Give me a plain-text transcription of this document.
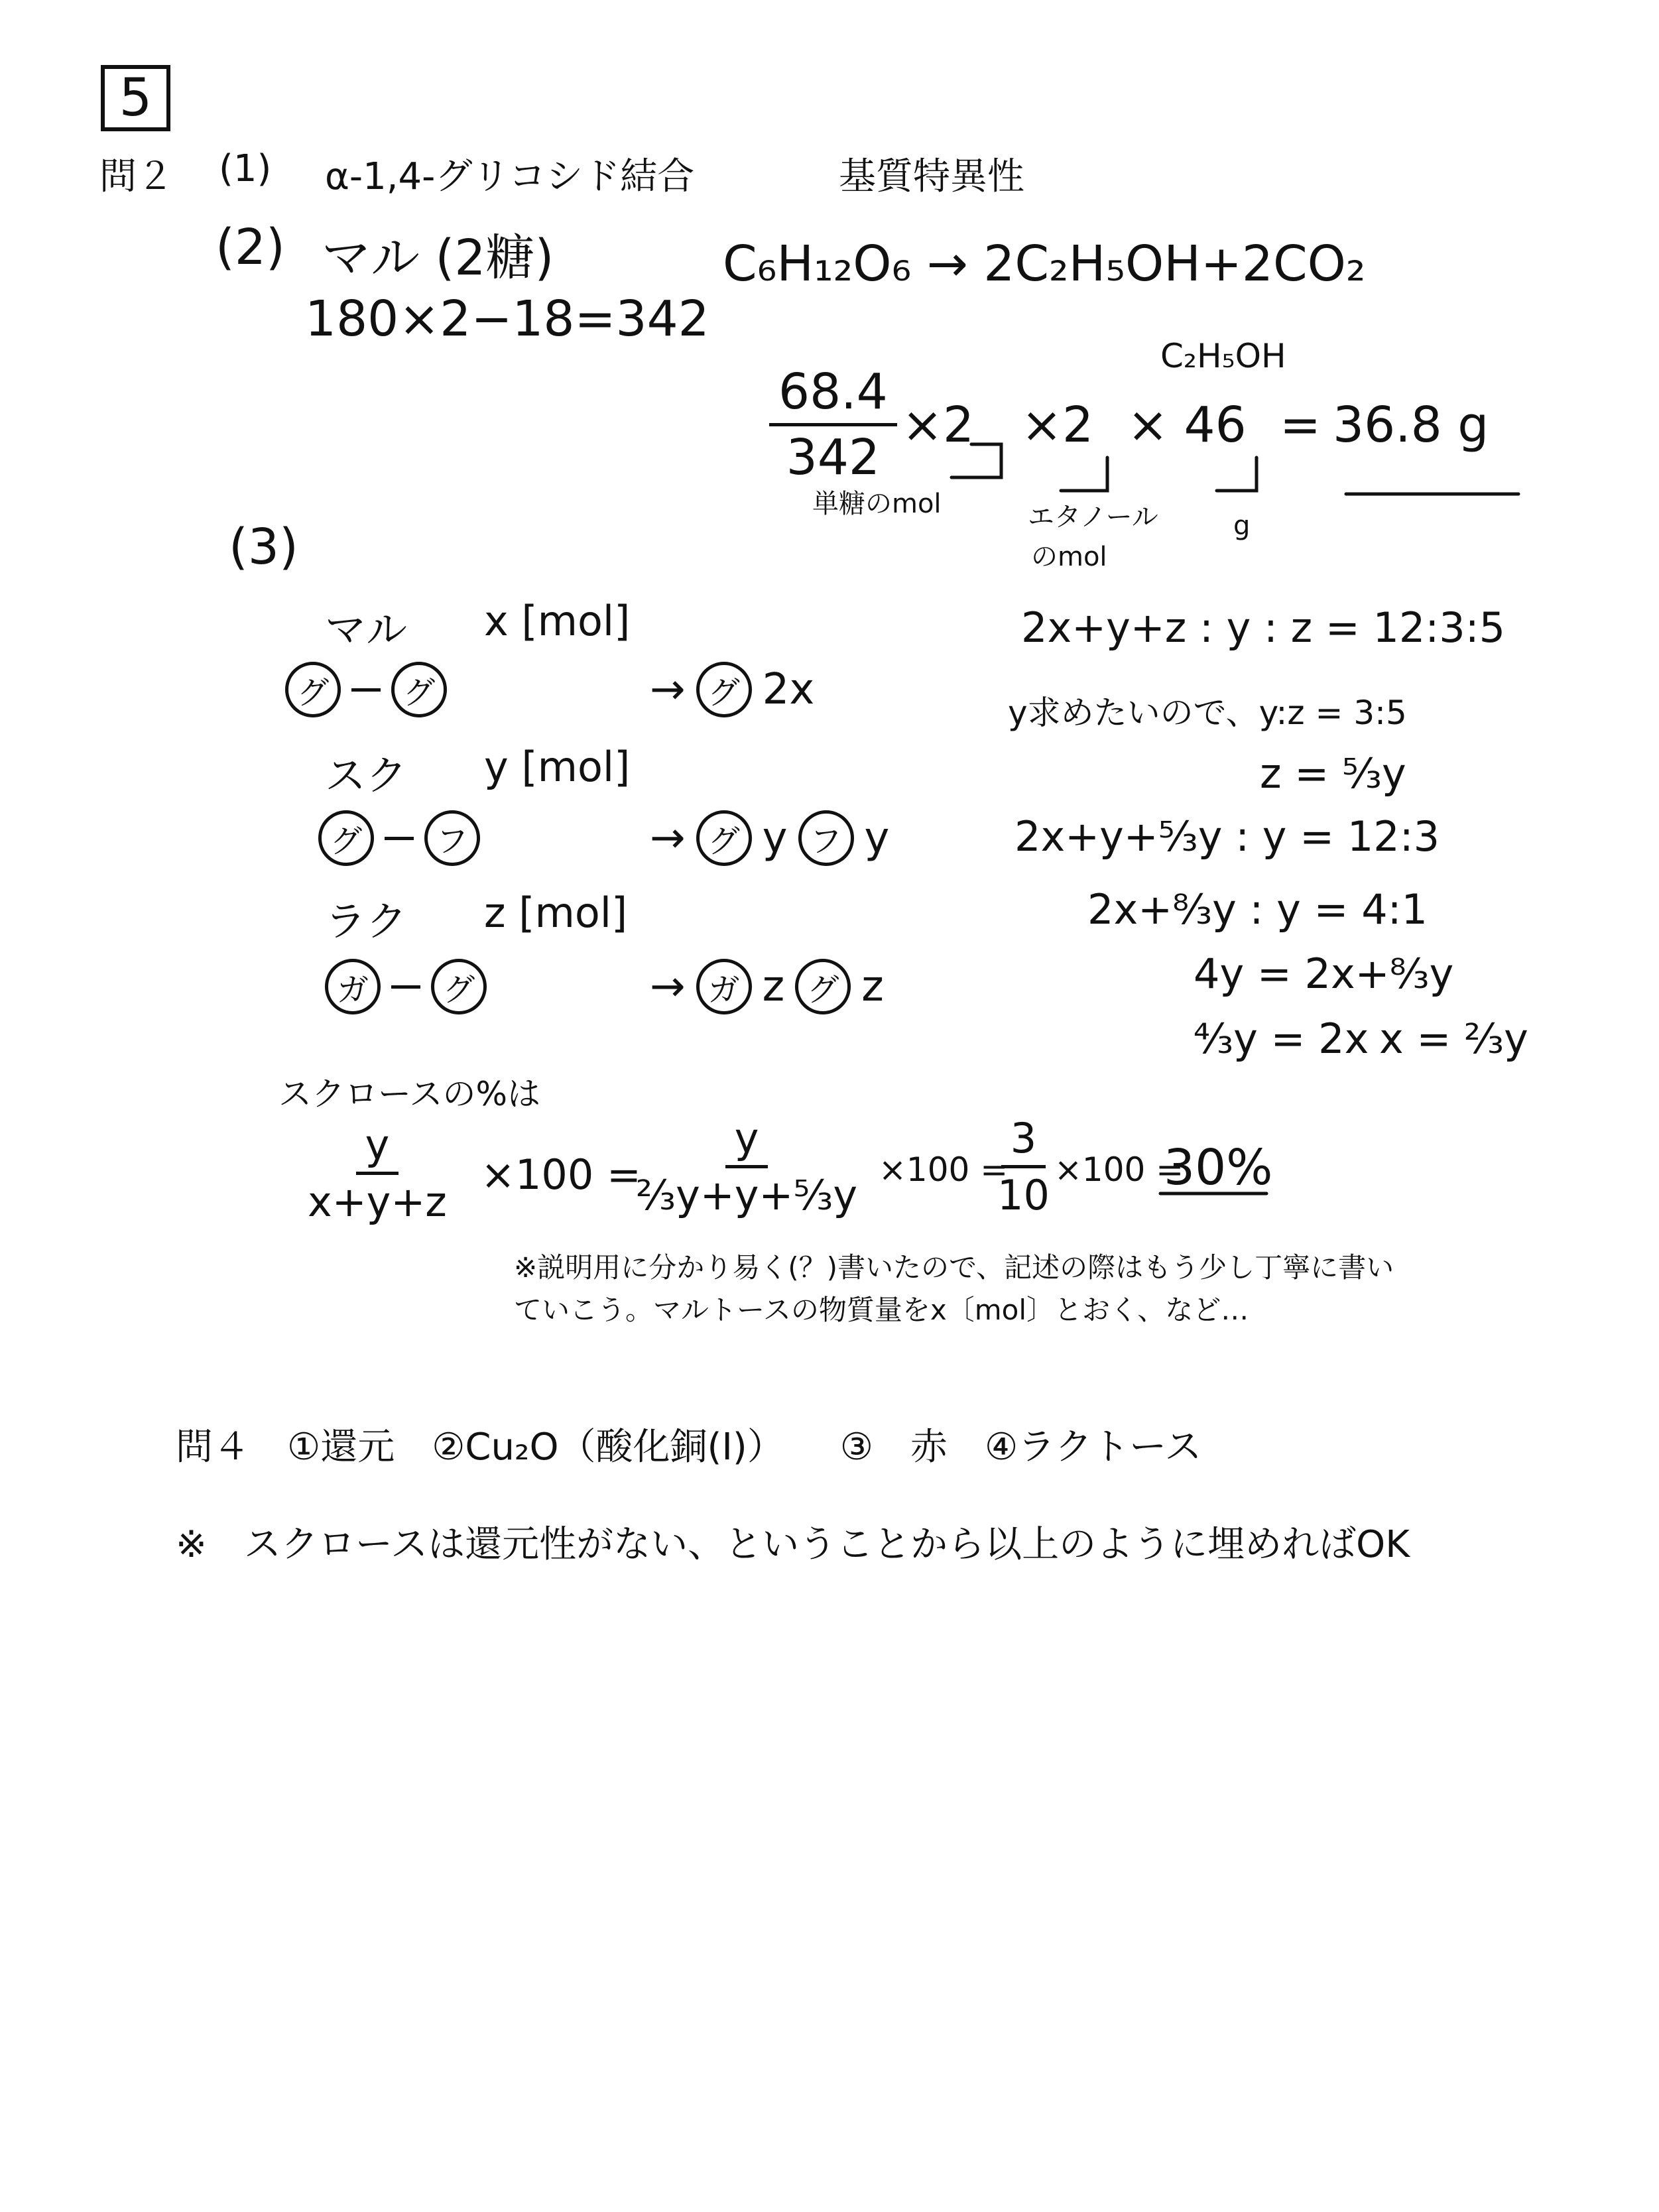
5
問２ (1) α-1,4-グリコシド結合	基質特異性
(2) マル (2糖)
180×2−18=342
C₆H₁₂O₆ → 2C₂H₅OH+2CO₂
C₂H₅OH
$\frac{68.4}{342} \times 2 \times 2 \times 46 = 36.8$ g
単糖のmol	エタノール
のmol
g
(3)
マル x [mol]
グ	グ	→ グ 2x
スク y [mol]
グ	フ	→ グ y フ y
ラク z [mol]
ガ	グ	→ ガ z グ z
2x+y+z : y : z = 12:3:5
y求めたいので、y:z = 3:5
z = ⁵⁄₃y
2x+y+⁵⁄₃y : y = 12:3
2x+⁸⁄₃y : y = 4:1
4y = 2x+⁸⁄₃y
⁴⁄₃y = 2x x = ²⁄₃y
スクロースの%は
$\frac{y}{x+y+z} \times 100$ =
$\frac{y}{\text{²⁄₃y+y+⁵⁄₃y}} \times 100$ =
$\frac{3}{10}$
×100 =
30%
※説明用に分かり易く(？)書いたので、記述の際はもう少し丁寧に書い
ていこう。マルトースの物質量をx〔mol〕とおく、など…
問４　①還元　②Cu₂O（酸化銅(I)）　　③　赤　④ラクトース
※　スクロースは還元性がない、ということから以上のように埋めればOK
